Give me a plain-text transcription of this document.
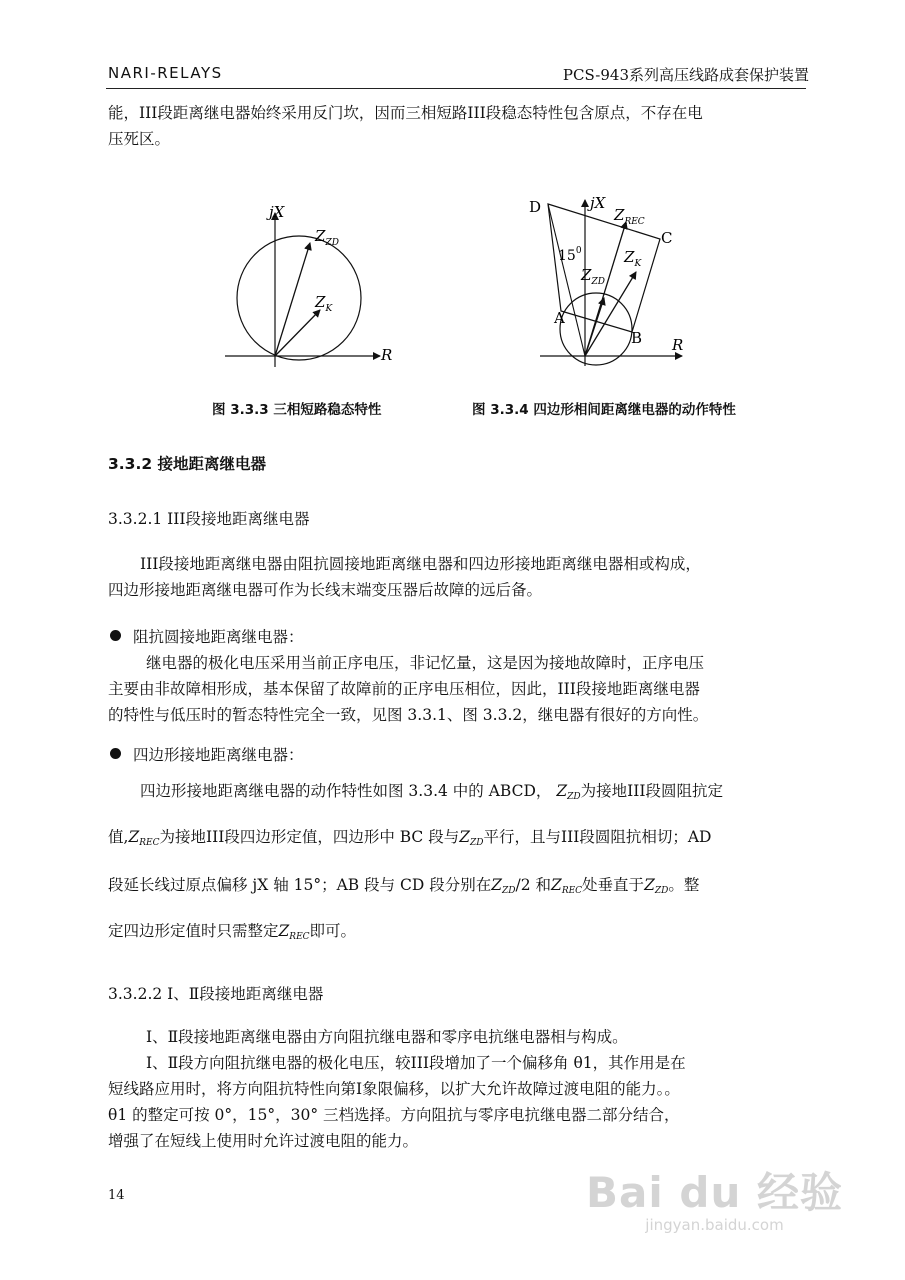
NARI-RELAYS	PCS-943系列高压线路成套保护装置
能，III段距离继电器始终采用反门坎，因而三相短路III段稳态特性包含原点，不存在电
压死区。
jX
R
$Z_{ZD}$
$Z_K$
图 3.3.3 三相短路稳态特性
jX
R
D
C
A
B
$15^0$
$Z_{REC}$
$Z_{ZD}$
$Z_K$
图 3.3.4 四边形相间距离继电器的动作特性
3.3.2 接地距离继电器
3.3.2.1 III段接地距离继电器
III段接地距离继电器由阻抗圆接地距离继电器和四边形接地距离继电器相或构成，
四边形接地距离继电器可作为长线末端变压器后故障的远后备。
阻抗圆接地距离继电器：
继电器的极化电压采用当前正序电压，非记忆量，这是因为接地故障时，正序电压
主要由非故障相形成，基本保留了故障前的正序电压相位，因此，III段接地距离继电器
的特性与低压时的暂态特性完全一致，见图 3.3.1、图 3.3.2，继电器有很好的方向性。
四边形接地距离继电器：
四边形接地距离继电器的动作特性如图 3.3.4 中的 ABCD， $Z_{ZD}$为接地III段圆阻抗定
值$,Z_{REC}$为接地III段四边形定值，四边形中 BC 段与$Z_{ZD}$平行，且与III段圆阻抗相切；AD
段延长线过原点偏移 jX 轴 15°；AB 段与 CD 段分别在$Z_{ZD}/2$ 和$Z_{REC}$处垂直于$Z_{ZD}$。整
定四边形定值时只需整定$Z_{REC}$即可。
3.3.2.2 Ⅰ、Ⅱ段接地距离继电器
Ⅰ、Ⅱ段接地距离继电器由方向阻抗继电器和零序电抗继电器相与构成。
Ⅰ、Ⅱ段方向阻抗继电器的极化电压，较III段增加了一个偏移角 θ1，其作用是在
短线路应用时，将方向阻抗特性向第Ⅰ象限偏移，以扩大允许故障过渡电阻的能力。。
θ1 的整定可按 0°，15°，30° 三档选择。方向阻抗与零序电抗继电器二部分结合，
增强了在短线上使用时允许过渡电阻的能力。
14	Bai du 经验
jingyan.baidu.com
